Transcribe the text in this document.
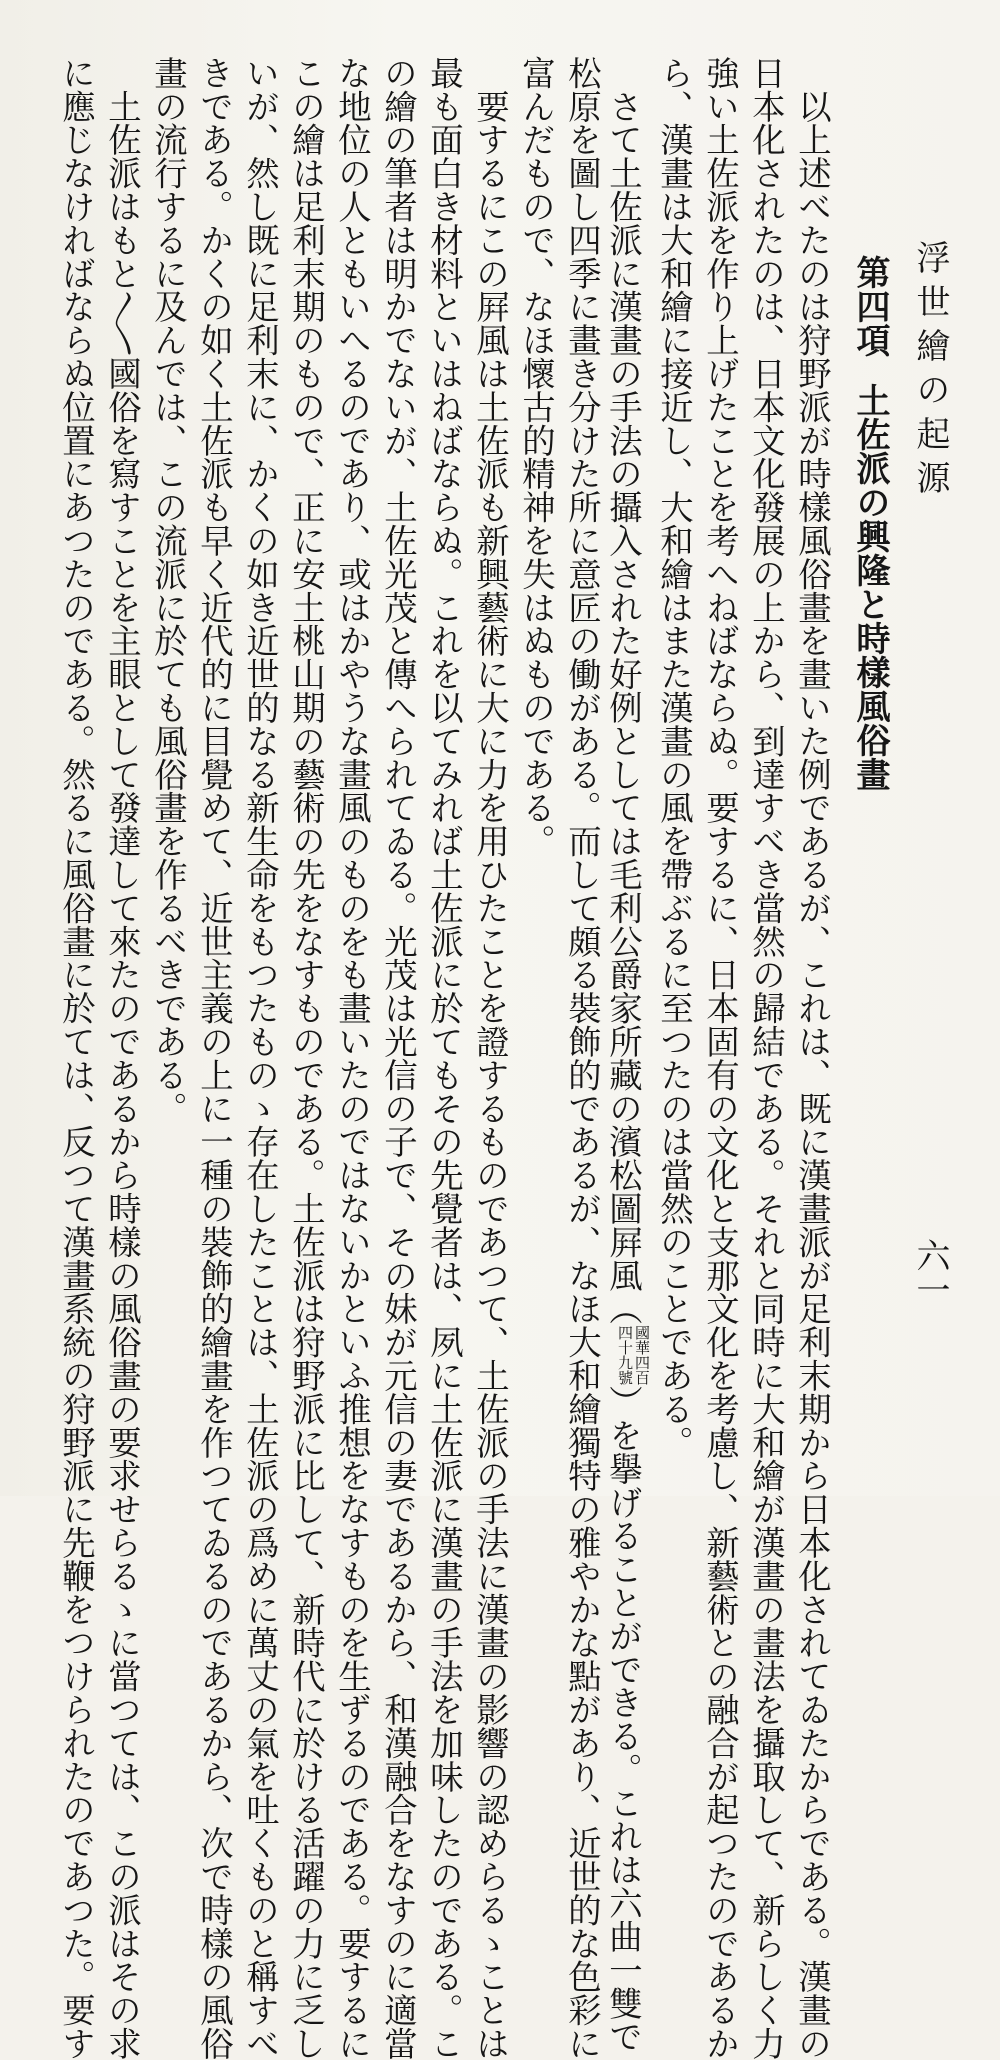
浮世繪の起源
六一
第四項土佐派の興隆と時樣風俗畫
　以上述べたのは狩野派が時樣風俗畫を畫いた例であるが、これは、既に漢畫派が足利末期から日本化されてゐたからである。漢畫の
日本化されたのは、日本文化發展の上から、到達すべき當然の歸結である。それと同時に大和繪が漢畫の畫法を攝取して、新らしく力
強い土佐派を作り上げたことを考へねばならぬ。要するに、日本固有の文化と支那文化を考慮し、新藝術との融合が起つたのであるか
ら、漢畫は大和繪に接近し、大和繪はまた漢畫の風を帶ぶるに至つたのは當然のことである。
　さて土佐派に漢畫の手法の攝入された好例としては毛利公爵家所藏の濱松圖屛風（國華四百
四十九號）を擧げることができる。これは六曲一雙で
松原を圖し四季に畫き分けた所に意匠の働がある。而して頗る裝飾的であるが、なほ大和繪獨特の雅やかな點があり、近世的な色彩に
富んだもので、なほ懷古的精神を失はぬものである。
　要するにこの屛風は土佐派も新興藝術に大に力を用ひたことを證するものであつて、土佐派の手法に漢畫の影響の認めらるゝことは
最も面白き材料といはねばならぬ。これを以てみれば土佐派に於てもその先覺者は、夙に土佐派に漢畫の手法を加味したのである。こ
の繪の筆者は明かでないが、土佐光茂と傳へられてゐる。光茂は光信の子で、その妹が元信の妻であるから、和漢融合をなすのに適當
な地位の人ともいへるのであり、或はかやうな畫風のものをも畫いたのではないかといふ推想をなすものを生ずるのである。要するに
この繪は足利末期のもので、正に安土桃山期の藝術の先をなすものである。土佐派は狩野派に比して、新時代に於ける活躍の力に乏し
いが、然し既に足利末に、かくの如き近世的なる新生命をもつたものゝ存在したことは、土佐派の爲めに萬丈の氣を吐くものと稱すべ
きである。かくの如く土佐派も早く近代的に目覺めて、近世主義の上に一種の裝飾的繪畫を作つてゐるのであるから、次で時樣の風俗
畫の流行するに及んでは、この流派に於ても風俗畫を作るべきである。
　土佐派はもと〳〵國俗を寫すことを主眼として發達して來たのであるから時樣の風俗畫の要求せらるゝに當つては、この派はその求
に應じなければならぬ位置にあつたのである。然るに風俗畫に於ては、反つて漢畫系統の狩野派に先鞭をつけられたのであつた。要す
